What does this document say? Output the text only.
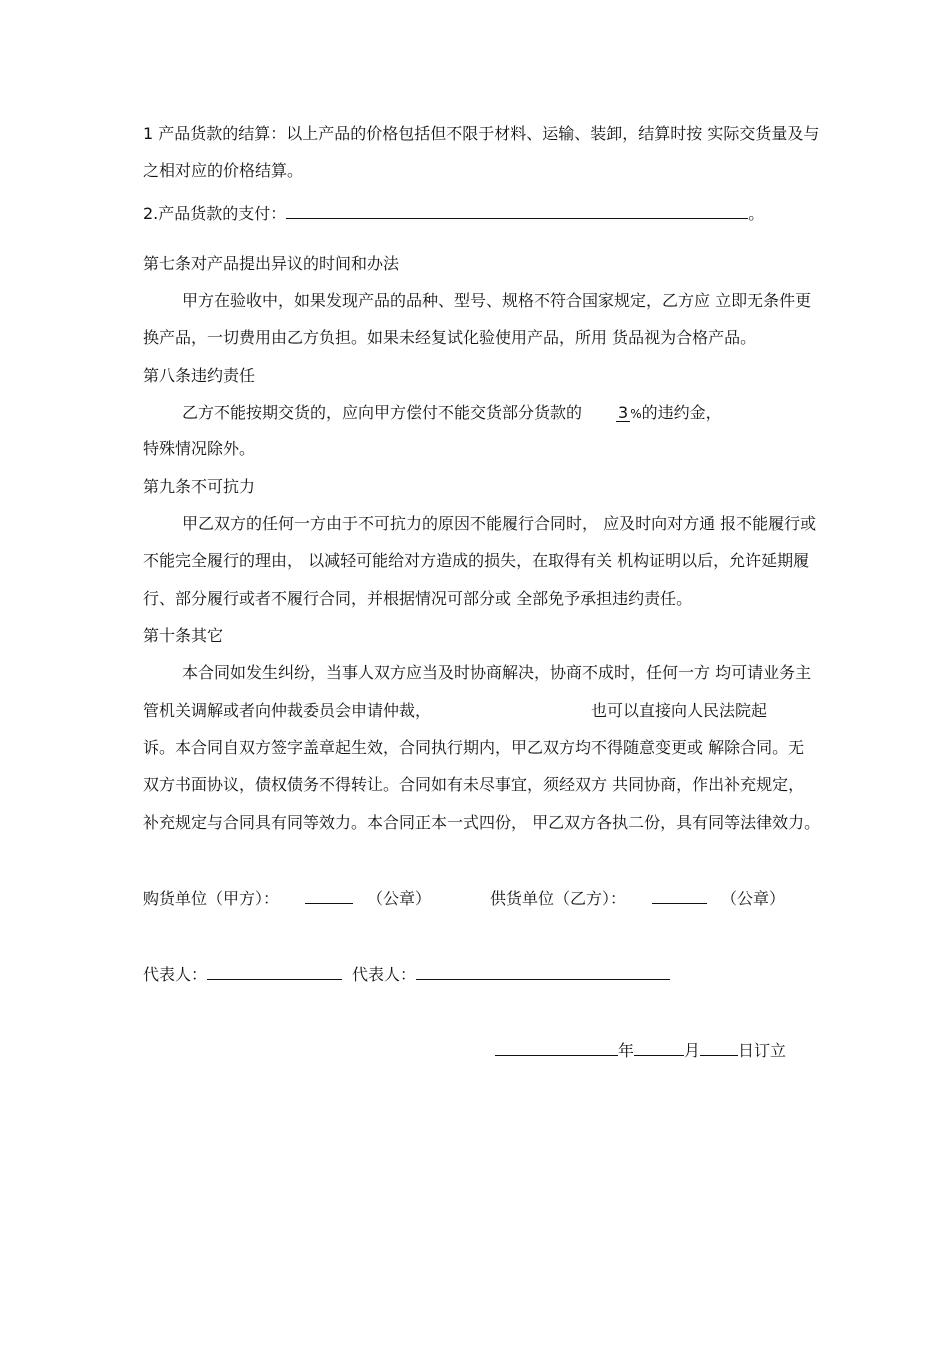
1 产品货款的结算：以上产品的价格包括但不限于材料、运输、装卸，结算时按 实际交货量及与
之相对应的价格结算。
2.产品货款的支付：	。
第七条对产品提出异议的时间和办法
甲方在验收中，如果发现产品的品种、型号、规格不符合国家规定，乙方应 立即无条件更
换产品，一切费用由乙方负担。如果未经复试化验使用产品，所用 货品视为合格产品。
第八条违约责任
乙方不能按期交货的，应向甲方偿付不能交货部分货款的 3 %的违约金，
特殊情况除外。
第九条不可抗力
甲乙双方的任何一方由于不可抗力的原因不能履行合同时， 应及时向对方通 报不能履行或
不能完全履行的理由， 以减轻可能给对方造成的损失，在取得有关 机构证明以后，允许延期履
行、部分履行或者不履行合同，并根据情况可部分或 全部免予承担违约责任。
第十条其它
本合同如发生纠纷，当事人双方应当及时协商解决，协商不成时，任何一方 均可请业务主
管机关调解或者向仲裁委员会申请仲裁，	也可以直接向人民法院起
诉。本合同自双方签字盖章起生效，合同执行期内，甲乙双方均不得随意变更或 解除合同。无
双方书面协议，债权债务不得转让。合同如有未尽事宜，须经双方 共同协商，作出补充规定，
补充规定与合同具有同等效力。本合同正本一式四份， 甲乙双方各执二份，具有同等法律效力。
购货单位（甲方）：	（公章）	供货单位（乙方）：	（公章）
代表人：	代表人：
年	月 日订立
